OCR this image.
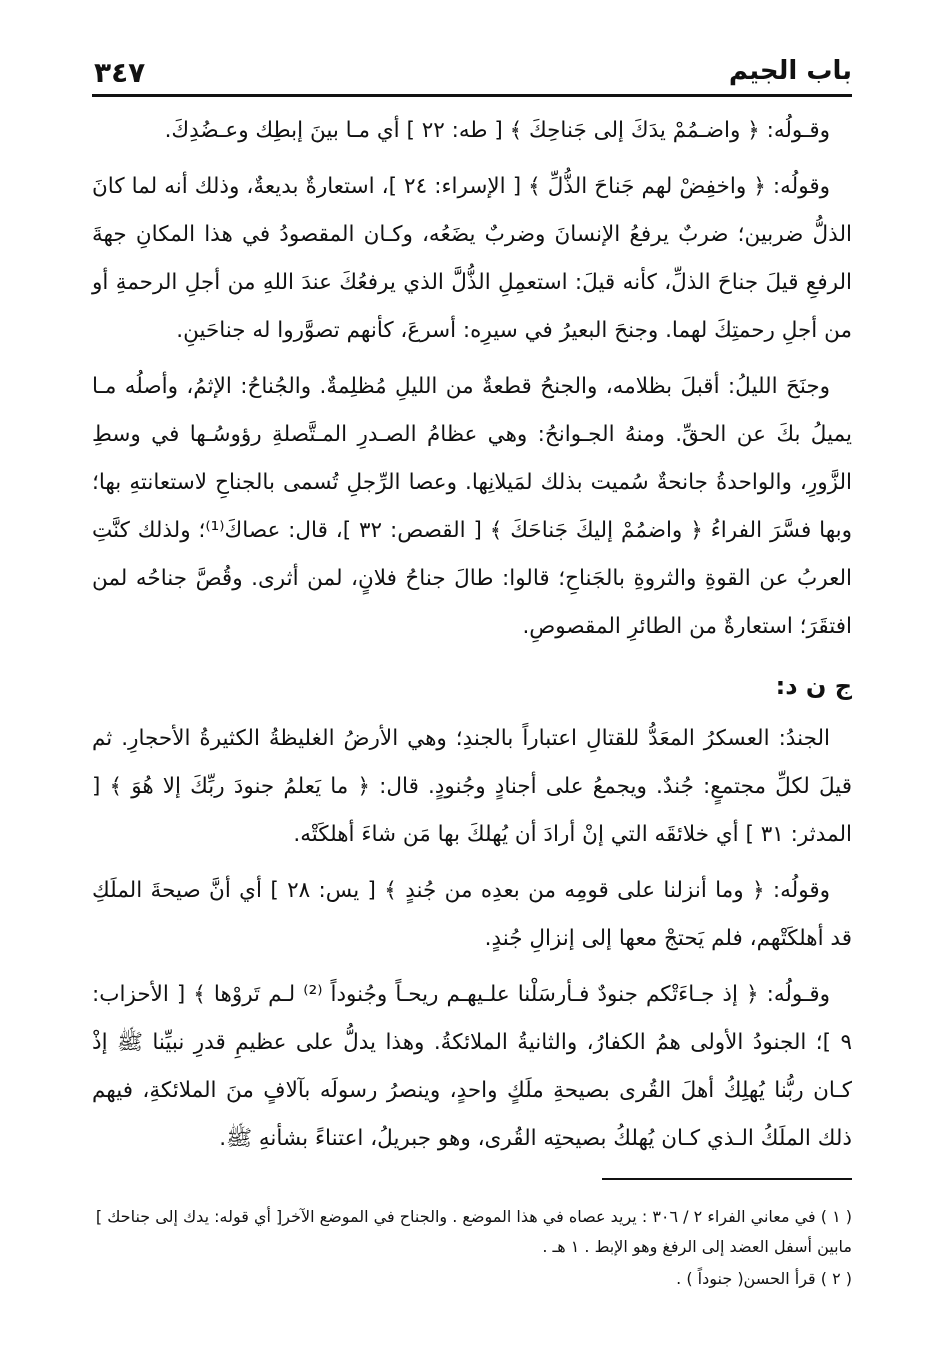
باب الجيم
٣٤٧

وقـولُه: ﴿ واضـمُمْ يدَكَ إلى جَناحِكَ ﴾ [ طه: ٢٢ ] أي مـا بينَ إبطِك وعـضُدِكَ.

وقولُه: ﴿ واخفِضْ لهم جَناحَ الذُّلِّ ﴾ [ الإسراء: ٢٤ ]، استعارةٌ بديعةٌ، وذلك أنه لما كانَ الذلُّ ضربين؛ ضربٌ يرفعُ الإنسانَ وضربٌ يضَعُه، وكـان المقصودُ في هذا المكانِ جهةَ الرفعِ قيلَ جناحَ الذلِّ، كأنه قيلَ: استعمِلِ الذُّلَّ الذي يرفعُكَ عندَ اللهِ من أجلِ الرحمةِ أو من أجلِ رحمتِكَ لهما. وجنحَ البعيرُ في سيرِه: أسرعَ، كأنهم تصوَّروا له جناحَينِ.

وجنَحَ الليلُ: أقبلَ بظلامه، والجنحُ قطعةٌ من الليلِ مُظلِمةٌ. والجُناحُ: الإثمُ، وأصلُه مـا يميلُ بكَ عن الحقِّ. ومنهُ الجـوانحُ: وهي عظامُ الصـدرِ المـتَّصلةِ رؤوسُـها في وسطِ الزَّورِ، والواحدةُ جانحةٌ سُميت بذلك لمَيلانِها. وعصا الرِّجلِ تُسمى بالجناحِ لاستعانتهِ بها؛ وبها فسَّرَ الفراءُ ﴿ واضمُمْ إليكَ جَناحَكَ ﴾ [ القصص: ٣٢ ]، قال: عصاكَ⁽¹⁾؛ ولذلك كنَّتِ العربُ عن القوةِ والثروةِ بالجَناحِ؛ قالوا: طالَ جناحُ فلانٍ، لمن أثرى. وقُصَّ جناحُه لمن افتقَرَ؛ استعارةٌ من الطائرِ المقصوصِ.

ج ن د:

الجندُ: العسكرُ المعَدُّ للقتالِ اعتباراً بالجندِ؛ وهي الأرضُ الغليظةُ الكثيرةُ الأحجارِ. ثم قيلَ لكلِّ مجتمعٍ: جُندٌ. ويجمعُ على أجنادٍ وجُنودٍ. قال: ﴿ ما يَعلمُ جنودَ ربِّكَ إلا هُوَ ﴾ [ المدثر: ٣١ ] أي خلائقَه التي إنْ أرادَ أن يُهلكَ بها مَن شاءَ أهلكَتْه.

وقولُه: ﴿ وما أنزلنا على قومِه من بعدِه من جُندٍ ﴾ [ يس: ٢٨ ] أي أنَّ صيحةَ الملَكِ قد أهلكَتْهم، فلم يَحتجْ معها إلى إنزالِ جُندٍ.

وقـولُه: ﴿ إذ جـاءَتْكم جنودٌ فـأرسَلْنا علـيهـم ريحـاً وجُنوداً ⁽²⁾ لـم تَروْها ﴾ [ الأحزاب: ٩ ]؛ الجنودُ الأولى همُ الكفارُ، والثانيةُ الملائكةُ. وهذا يدلُّ على عظيمِ قدرِ نبيِّنا ﷺ إذْ كـان ربُّنا يُهلِكُ أهلَ القُرى بصيحةِ ملَكٍ واحدٍ، وينصرُ رسولَه بآلافٍ منَ الملائكةِ، فيهم ذلك الملَكُ الـذي كـان يُهلكُ بصيحتِه القُرى، وهو جبريلُ، اعتناءً بشأنهِ ﷺ.

( ١ ) في معاني الفراء ٢ / ٣٠٦ : يريد عصاه في هذا الموضع . والجناح في الموضع الآخر[ أي قوله: يدك إلى جناحك ] مابين أسفل العضد إلى الرفغ وهو الإبط . ١ هـ .

( ٢ ) قرأ الحسن( جنوداً ) .
